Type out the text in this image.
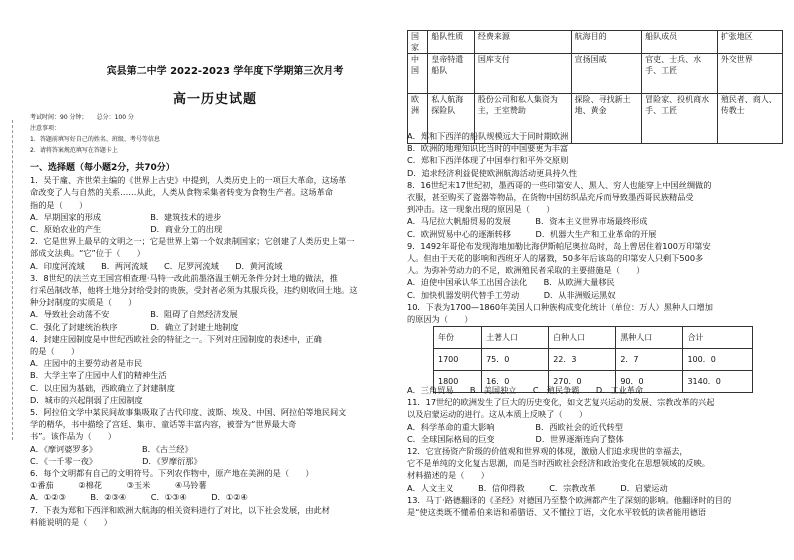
宾县第二中学 2022-2023 学年度下学期第三次月考
高一历史试题
考试时间：90 分钟；　　 总分：100 分
注意事项：
1．答题前填写好自己的姓名、班级、考号等信息
2．请将答案规范填写在答题卡上

一、选择题（每小题2分，共70分）

1．吴于廑、齐世荣主编的《世界上古史》中提到，人类历史上的一项巨大革命，这场革

命改变了人与自然的关系……从此，人类从食物采集者转变为食物生产者。这场革命

指的是（　　）

A．早期国家的形成　　　　　　B．建筑技术的进步

C．原始农业的产生　　　　　　D．商业分工的出现

2．它是世界上最早的文明之一；它是世界上第一个奴隶制国家；它创建了人类历史上第一

部成文法典。“它”位于（　　）

A．印度河流域　　B．两河流域　　C．尼罗河流域　　D．黄河流域

3．8世纪的法兰克王国宫相查理·马特一改此前墨洛温王朝无条件分封土地的做法，推

行采邑制改革，他将土地分封给受封的贵族，受封者必须为其服兵役，违约则收回土地。这

种分封制度的实质是（　　）

A．导致社会动荡不安　　　　　B．阻碍了自然经济发展

C．强化了封建统治秩序　　　　D．确立了封建土地制度

4．封建庄园制度是中世纪西欧社会的特征之一。下列对庄园制度的表述中，正确

的是（　　）

A．庄园中的主要劳动者是市民

B．大学主宰了庄园中人们的精神生活

C．以庄园为基础，西欧确立了封建制度

D．城市的兴起削弱了庄园制度

5．阿拉伯文学中某民间故事集吸取了古代印度、波斯、埃及、中国、阿拉伯等地民间文

学的精华，书中描绘了宫廷、集市、童话等丰富内容，被誉为“世界最大奇

书”。该作品为（　　）

A．《摩诃婆罗多》　　　　　　B．《古兰经》

C．《一千零一夜》　　　　　　D．《罗摩衍那》

6．每个文明都有自己的文明符号。下列农作物中，原产地在美洲的是（　　）

①番茄　　　②棉花　　　③玉米　　　④马铃薯

A．①②③　　　B．②③④　　　C．①③④　　　D．①②④

7．下表为郑和下西洋和欧洲大航海的相关资料进行了对比，以下社会发展，由此材

料能说明的是（　　）

国家	船队性质	经费来源	航海目的	船队成员	扩张地区
中国	皇帝特遣船队	国库支付	宣扬国威	官吏、士兵、水手、工匠	外交世界
欧洲	私人航海探险队	股份公司和私人集资为主，王室赞助	探险、寻找新土地、黄金	冒险家、投机商水手、工匠	殖民者、商人、传教士

A．郑和下西洋的船队规模远大于同时期欧洲

B．欧洲的地理知识比当时的中国要更为丰富

C．郑和下西洋体现了中国奉行和平外交原则

D．追求经济利益促使欧洲航海活动更具持久性

8．16世纪末17世纪初，墨西哥的一些印第安人、黑人、穷人也能穿上中国丝绸做的

衣服，甚至购买了瓷器等物品，在货物中国纺织品充斥而导致墨西哥民族精品受

到冲击。这一现象出现的原因是（　　）

A．马尼拉大帆船贸易的发展　　　B．资本主义世界市场最终形成

C．欧洲贸易中心的逐渐转移　　　D．机器大生产和工业革命的开展

9．1492年哥伦布发现海地加勒比海伊斯帕尼奥拉岛时，岛上曾居住着100万印第安

人。但由于天花的影响和西班牙人的屠戮，50多年后该岛的印第安人只剩下500多

人。为弥补劳动力的不足，欧洲殖民者采取的主要措施是（　　）

A．迫使中国承认华工出国合法化　　B．从欧洲大量移民

C．加快机器发明代替手工劳动　　　D．从非洲贩运黑奴

10．下表为1700—1860年美国人口种族构成变化统计（单位：万人）黑种人口增加

的原因为（　　）

年份	土著人口	白种人口	黑种人口	合计
1700	75．0	22．3	2．7	100．0
1800	16．0	270．0	90．0	3140．0

A．三角贸易　　B．美国独立　　C．殖民争霸　　D．工业革命

11．17世纪的欧洲发生了巨大的历史变化，如文艺复兴运动的发展、宗教改革的兴起

以及启蒙运动的进行。这从本质上反映了（　　）

A．科学革命的重大影响　　　　　B．西欧社会的近代转型

C．全球国际格局的巨变　　　　　D．世界逐渐连向了整体

12．它宣扬资产阶级的价值观和世界观的体现，激励人们追求现世的幸福去，

它不是单纯的文化复古思潮，而是当时西欧社会经济和政治变化在思想领域的反映。

材料描述的是（　　）

A．人文主义　　　B．信仰得救　　　C．宗教改革　　　D．启蒙运动

13．马丁·路德翻译的《圣经》对德国乃至整个欧洲都产生了深刻的影响。他翻译时的目的

是“使这类既不懂希伯来语和希腊语、又不懂拉丁语，文化水平较低的读者能用德语
